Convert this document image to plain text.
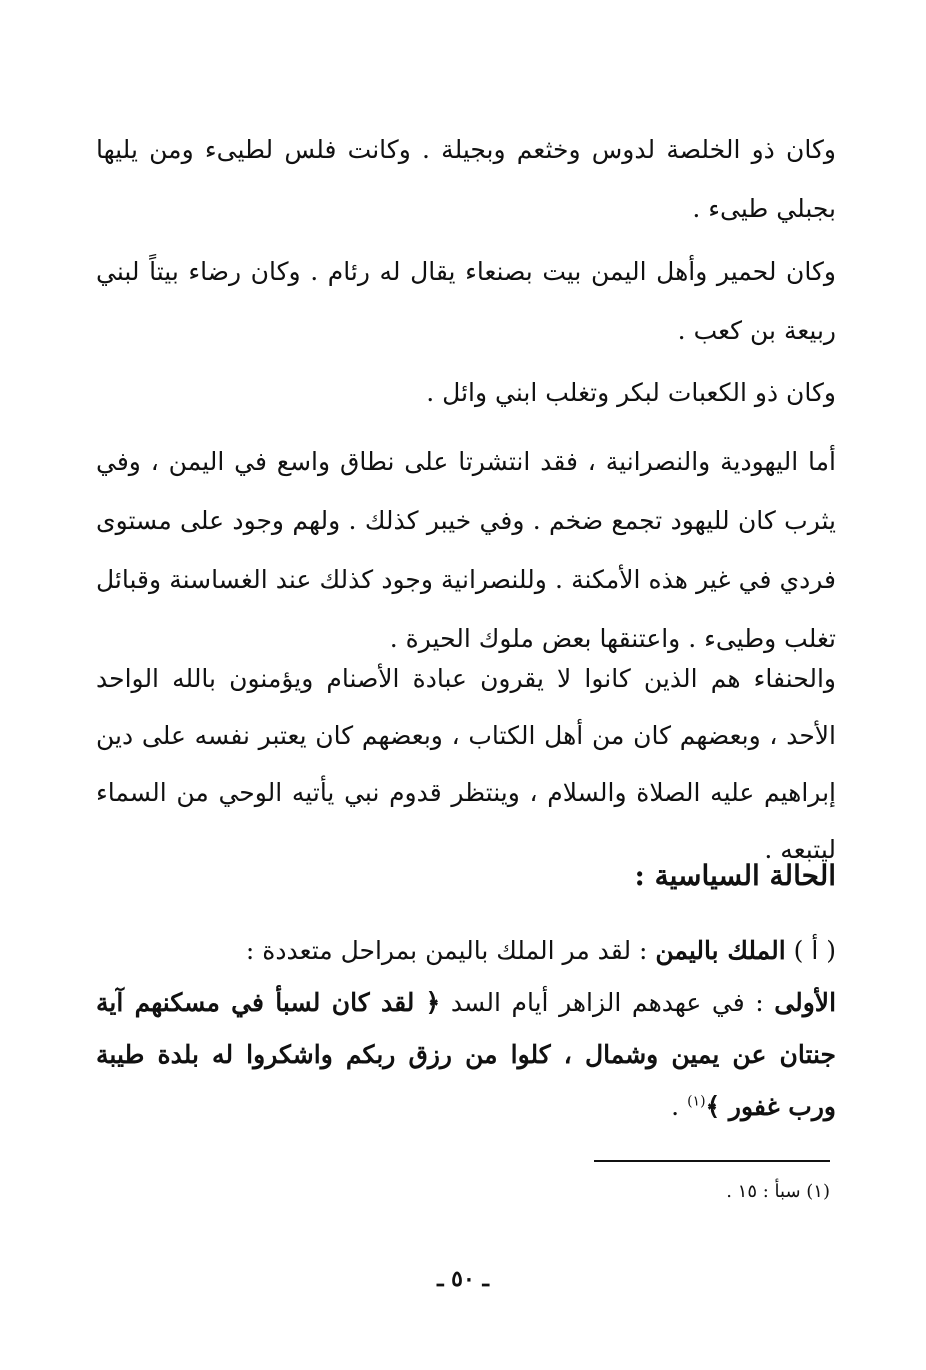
وكان ذو الخلصة لدوس وخثعم وبجيلة . وكانت فلس لطيىء ومن يليها بجبلي طيىء .

وكان لحمير وأهل اليمن بيت بصنعاء يقال له رئام . وكان رضاء بيتاً لبني ربيعة بن كعب .

وكان ذو الكعبات لبكر وتغلب ابني وائل .

أما اليهودية والنصرانية ، فقد انتشرتا على نطاق واسع في اليمن ، وفي يثرب كان لليهود تجمع ضخم . وفي خيبر كذلك . ولهم وجود على مستوى فردي في غير هذه الأمكنة . وللنصرانية وجود كذلك عند الغساسنة وقبائل تغلب وطيىء . واعتنقها بعض ملوك الحيرة .

والحنفاء هم الذين كانوا لا يقرون عبادة الأصنام ويؤمنون بالله الواحد الأحد ، وبعضهم كان من أهل الكتاب ، وبعضهم كان يعتبر نفسه على دين إبراهيم عليه الصلاة والسلام ، وينتظر قدوم نبي يأتيه الوحي من السماء ليتبعه .

الحالة السياسية :
( أ ) الملك باليمن : لقد مر الملك باليمن بمراحل متعددة :
الأولى : في عهدهم الزاهر أيام السد ﴿ لقد كان لسبأ في مسكنهم آية جنتان عن يمين وشمال ، كلوا من رزق ربكم واشكروا له بلدة طيبة ورب غفور ﴾$^{(١)}$ .

(١) سبأ : ١٥ .

ـ ٥٠ ـ
